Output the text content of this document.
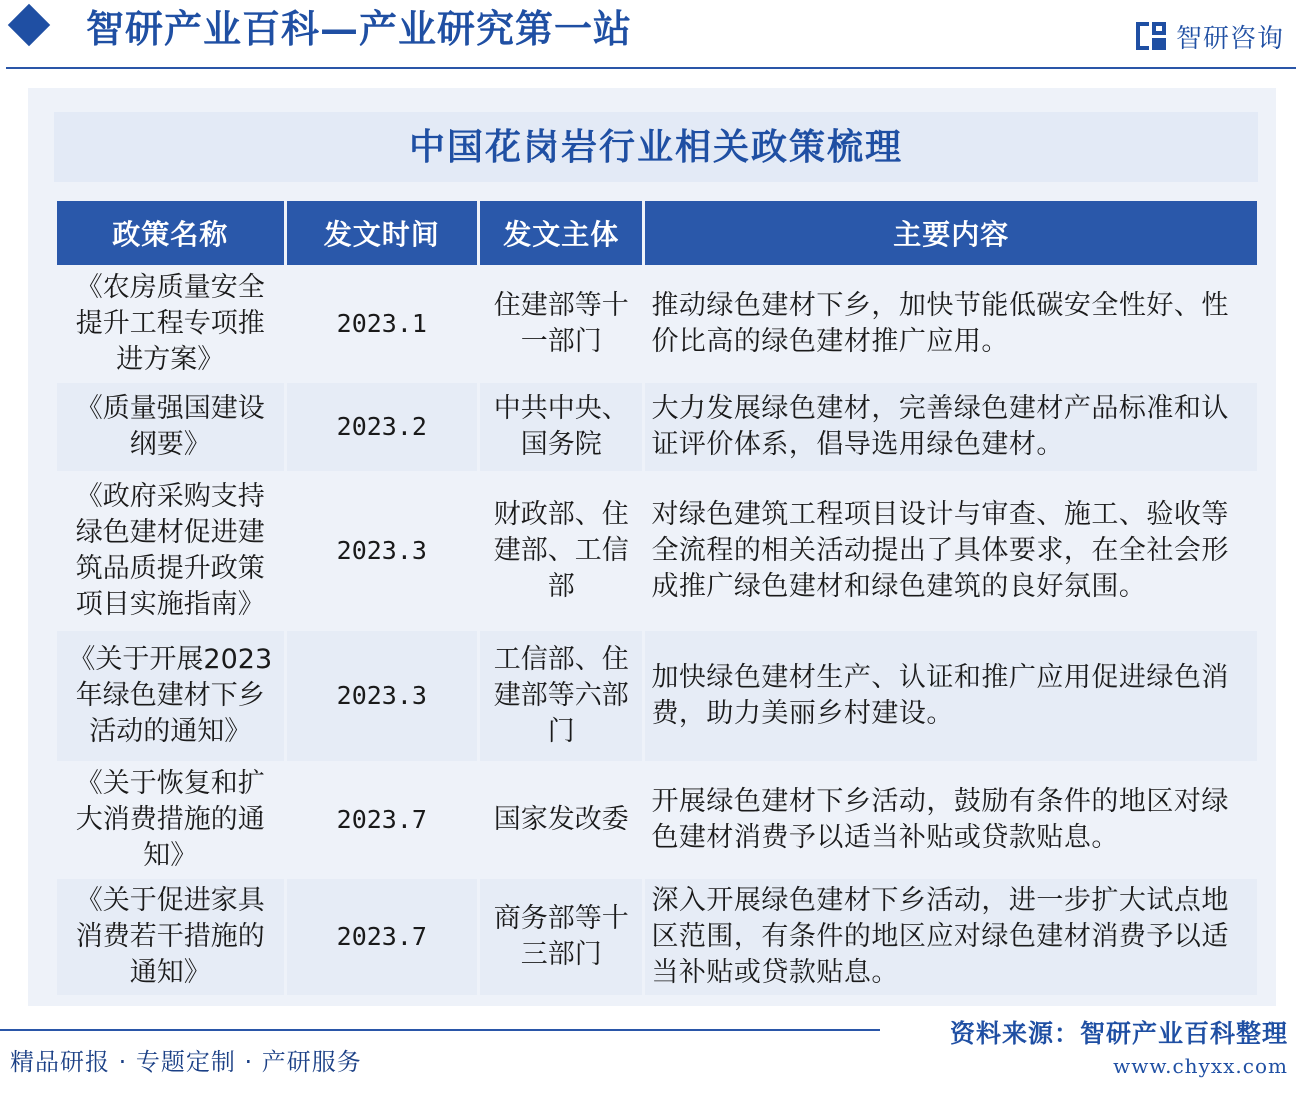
智研产业百科—产业研究第一站	智研咨询
中国花岗岩行业相关政策梳理
政策名称	发文时间	发文主体	主要内容
《农房质量安全提升工程专项推进方案》	2023.1	住建部等十一部门	推动绿色建材下乡，加快节能低碳安全性好、性价比高的绿色建材推广应用。
《质量强国建设纲要》	2023.2	中共中央、国务院	大力发展绿色建材，完善绿色建材产品标准和认证评价体系，倡导选用绿色建材。
《政府采购支持绿色建材促进建筑品质提升政策项目实施指南》	2023.3	财政部、住建部、工信部	对绿色建筑工程项目设计与审查、施工、验收等全流程的相关活动提出了具体要求，在全社会形成推广绿色建材和绿色建筑的良好氛围。
《关于开展2023年绿色建材下乡活动的通知》	2023.3	工信部、住建部等六部门	加快绿色建材生产、认证和推广应用促进绿色消费，助力美丽乡村建设。
《关于恢复和扩大消费措施的通知》	2023.7	国家发改委	开展绿色建材下乡活动，鼓励有条件的地区对绿色建材消费予以适当补贴或贷款贴息。
《关于促进家具消费若干措施的通知》	2023.7	商务部等十三部门	深入开展绿色建材下乡活动，进一步扩大试点地区范围，有条件的地区应对绿色建材消费予以适当补贴或贷款贴息。
精品研报 · 专题定制 · 产研服务
资料来源：智研产业百科整理
www.chyxx.com
